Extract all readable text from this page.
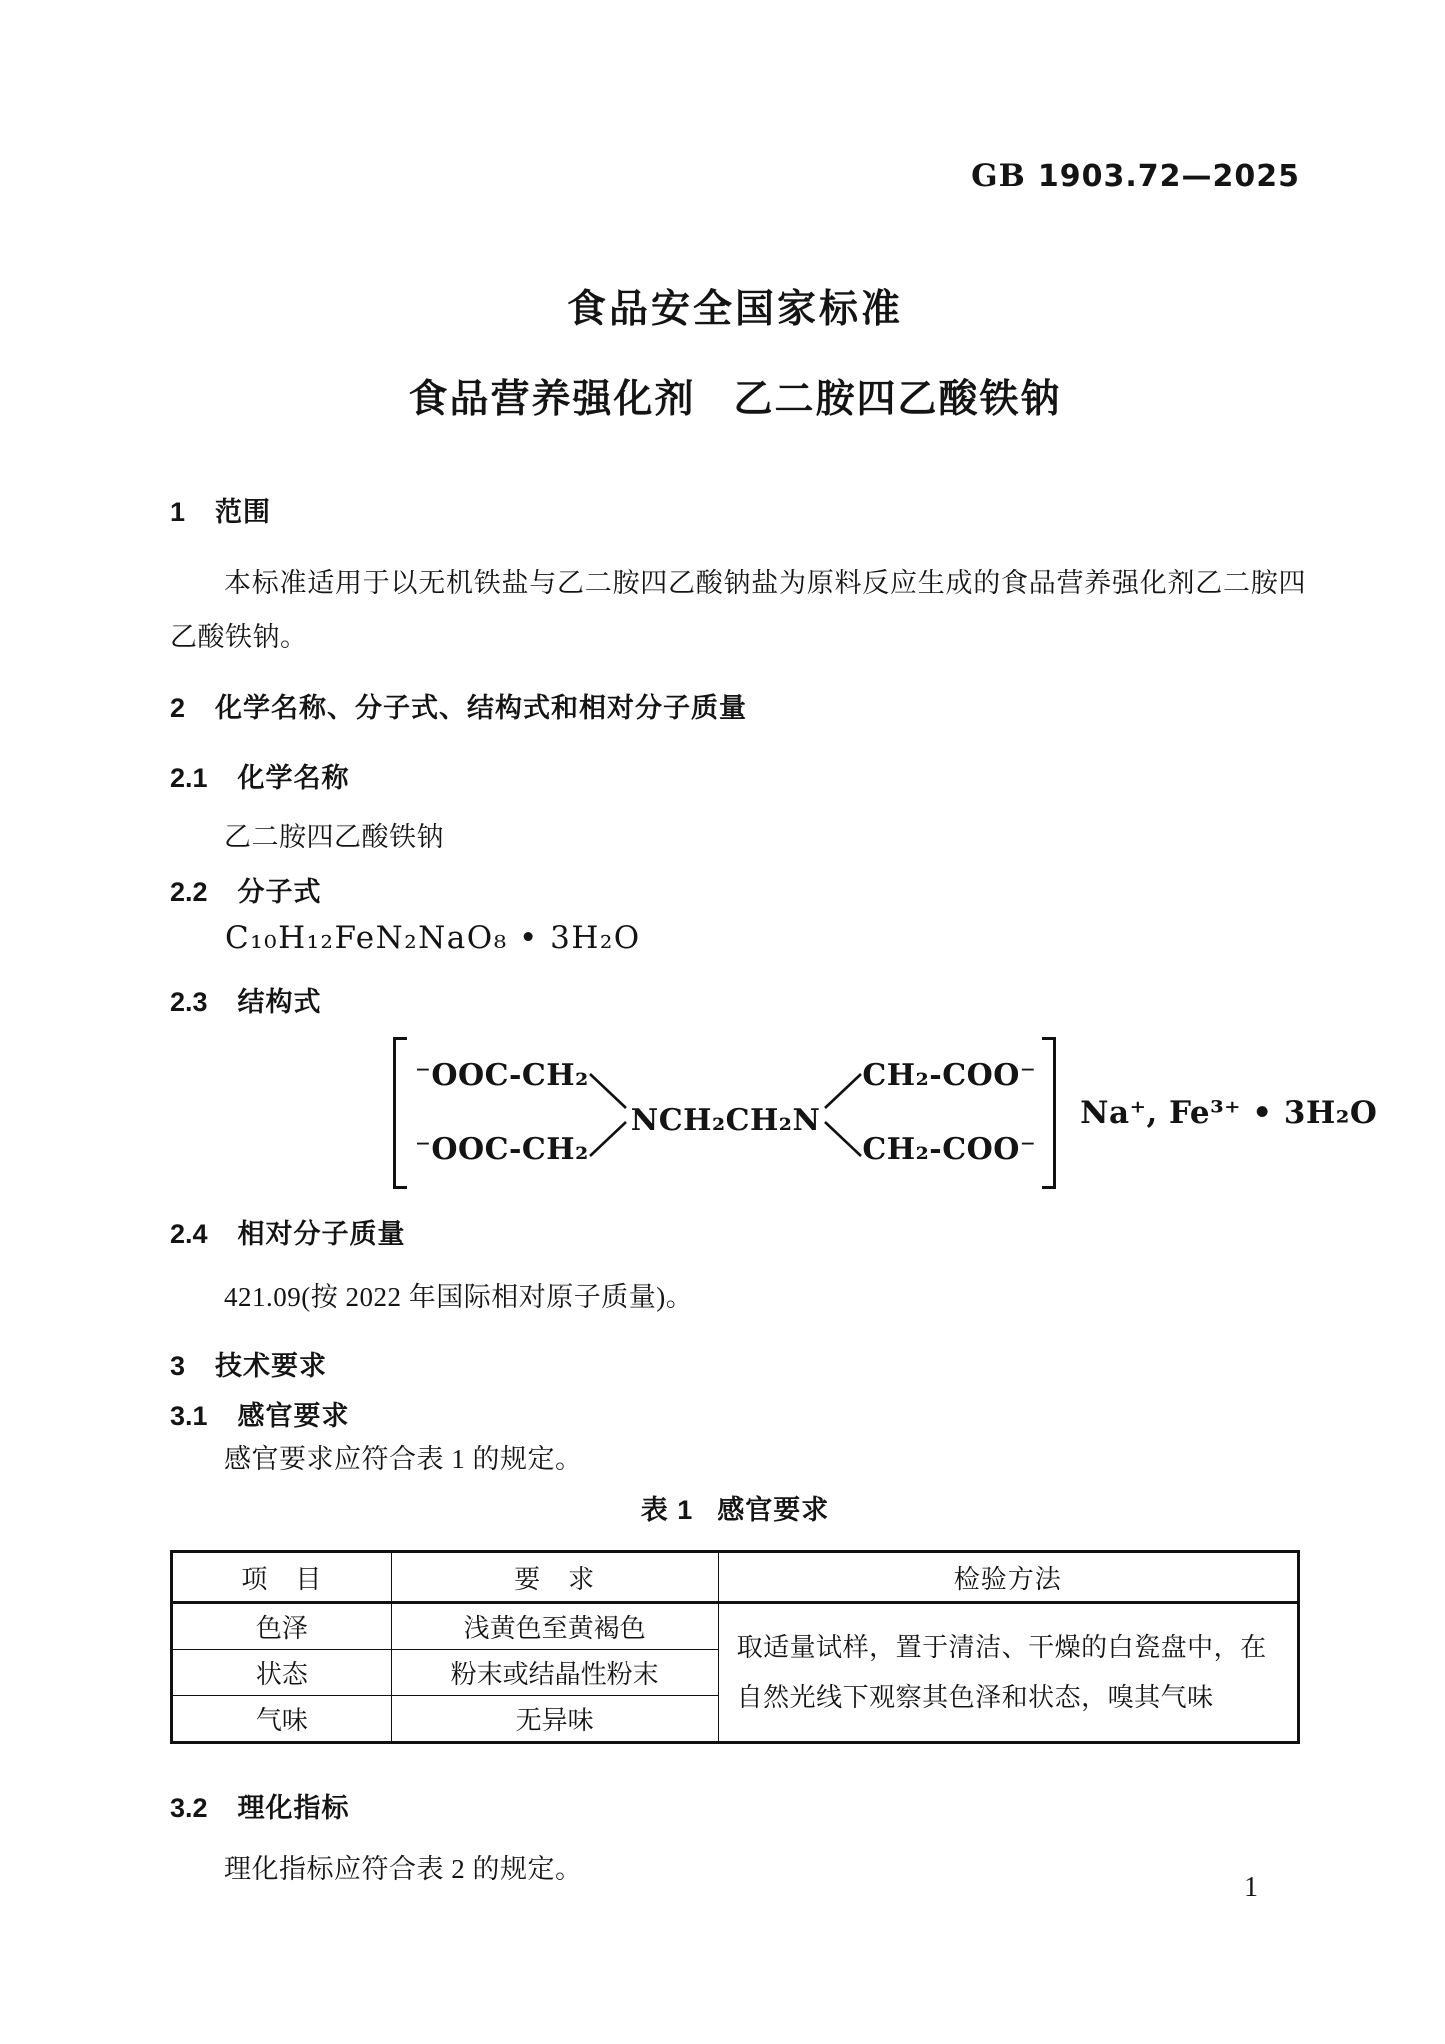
GB 1903.72—2025
食品安全国家标准
食品营养强化剂 乙二胺四乙酸铁钠
1 范围
本标准适用于以无机铁盐与乙二胺四乙酸钠盐为原料反应生成的食品营养强化剂乙二胺四乙酸铁钠。
2 化学名称、分子式、结构式和相对分子质量
2.1 化学名称
乙二胺四乙酸铁钠
2.2 分子式
C₁₀H₁₂FeN₂NaO₈ • 3H₂O
2.3 结构式
⁻OOC-CH₂
⁻OOC-CH₂
NCH₂CH₂N
CH₂-COO⁻
CH₂-COO⁻
Na⁺, Fe³⁺ • 3H₂O
2.4 相对分子质量
421.09(按 2022 年国际相对原子质量)。
3 技术要求
3.1 感官要求
感官要求应符合表 1 的规定。
表 1 感官要求
项　目	要　求	检验方法
色泽	浅黄色至黄褐色	取适量试样，置于清洁、干燥的白瓷盘中，在自然光线下观察其色泽和状态，嗅其气味
状态	粉末或结晶性粉末	
气味	无异味	
3.2 理化指标
理化指标应符合表 2 的规定。
1
